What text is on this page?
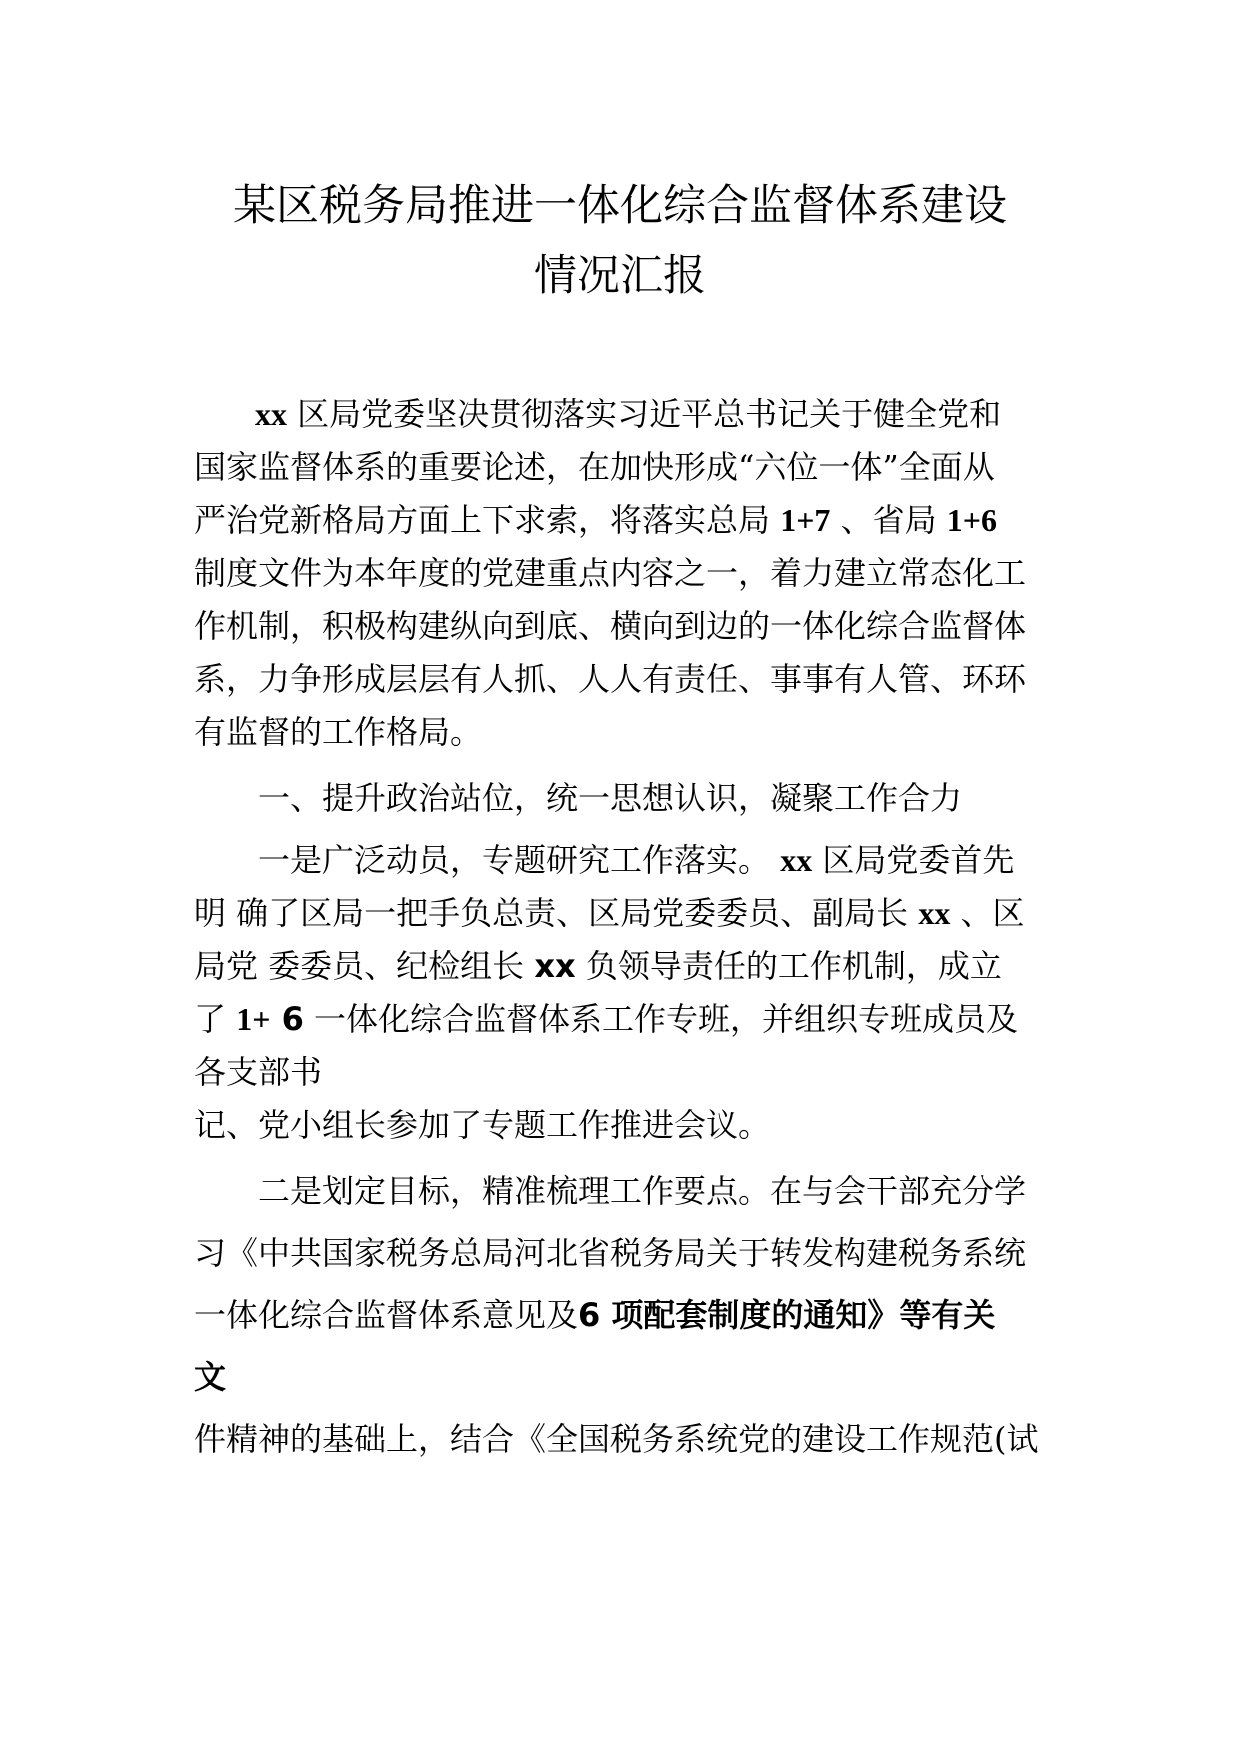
某区税务局推进一体化综合监督体系建设
情况汇报
xx 区局党委坚决贯彻落实习近平总书记关于健全党和
国家监督体系的重要论述，在加快形成“六位一体”全面从
严治党新格局方面上下求索，将落实总局 1+7 、省局 1+6
制度文件为本年度的党建重点内容之一，着力建立常态化工
作机制，积极构建纵向到底、横向到边的一体化综合监督体
系，力争形成层层有人抓、人人有责任、事事有人管、环环
有监督的工作格局。
一、提升政治站位，统一思想认识，凝聚工作合力
一是广泛动员，专题研究工作落实。 xx 区局党委首先
明 确了区局一把手负总责、区局党委委员、副局长 xx 、区
局党 委委员、纪检组长 xx 负领导责任的工作机制，成立
了 1+ 6 一体化综合监督体系工作专班，并组织专班成员及
各支部书
记、党小组长参加了专题工作推进会议。
二是划定目标，精准梳理工作要点。在与会干部充分学
习《中共国家税务总局河北省税务局关于转发构建税务系统
一体化综合监督体系意见及6 项配套制度的通知》等有关
文
件精神的基础上，结合《全国税务系统党的建设工作规范(试
